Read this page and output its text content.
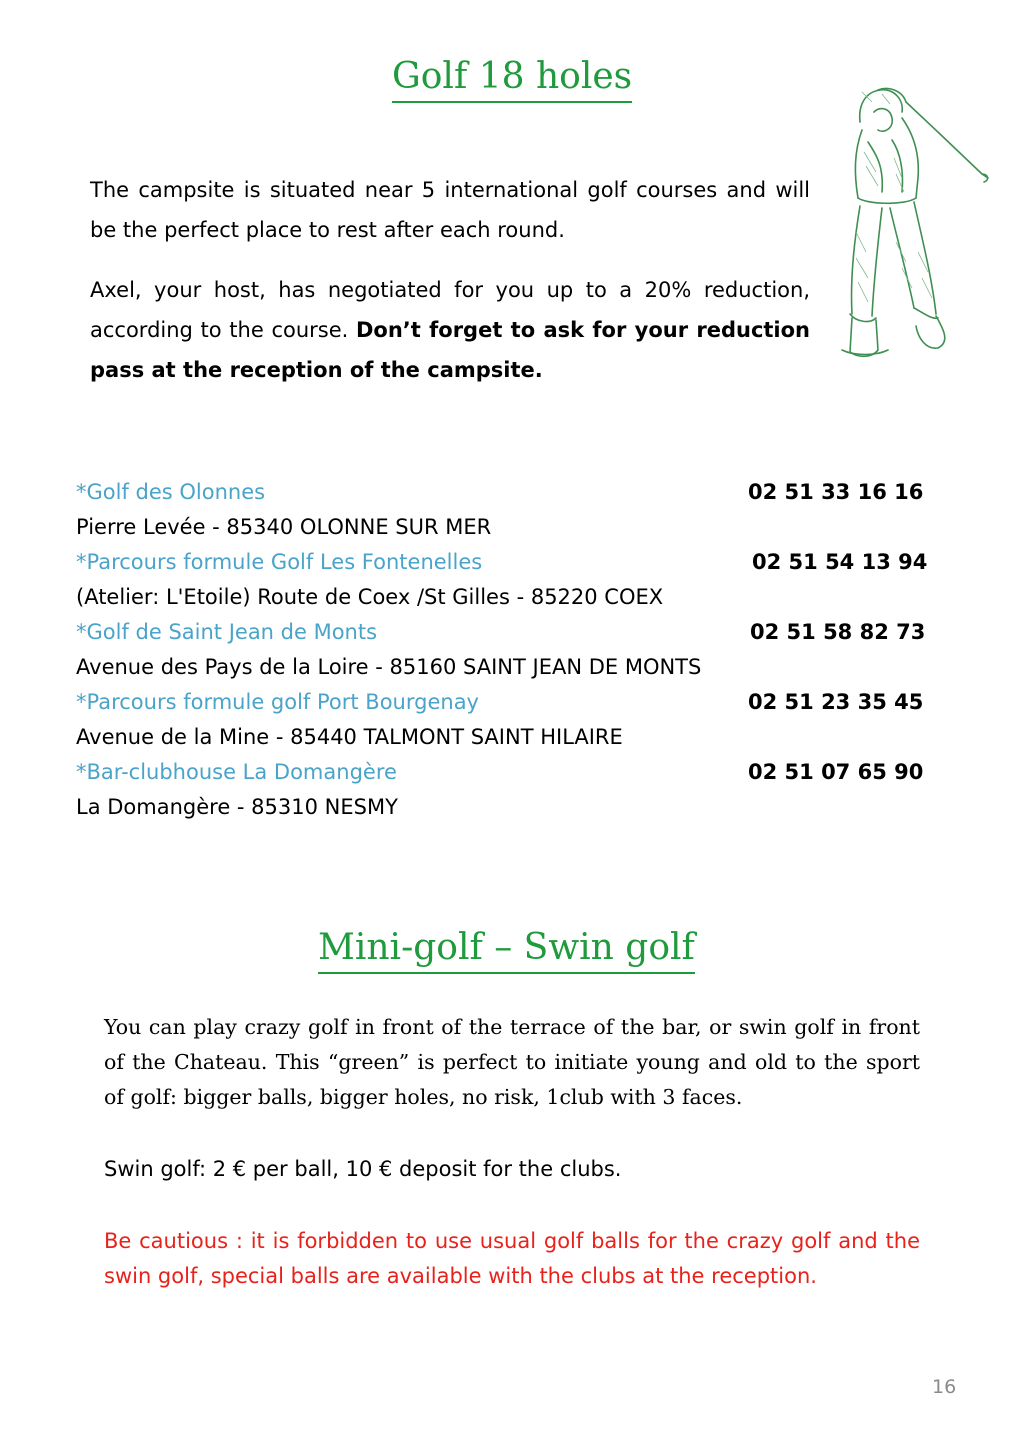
Golf 18 holes

The campsite is situated near 5 international golf courses and will be the perfect place to rest after each round.

Axel, your host, has negotiated for you up to a 20% reduction, according to the course. Don’t forget to ask for your reduction pass at the reception of the campsite.

*Golf des Olonnes	02 51 33 16 16
Pierre Levée - 85340 OLONNE SUR MER
*Parcours formule Golf Les Fontenelles	02 51 54 13 94
(Atelier: L'Etoile) Route de Coex /St Gilles - 85220 COEX
*Golf de Saint Jean de Monts	02 51 58 82 73
Avenue des Pays de la Loire - 85160 SAINT JEAN DE MONTS
*Parcours formule golf Port Bourgenay	02 51 23 35 45
Avenue de la Mine - 85440 TALMONT SAINT HILAIRE
*Bar-clubhouse La Domangère	02 51 07 65 90
La Domangère - 85310 NESMY
Mini-golf – Swin golf

You can play crazy golf in front of the terrace of the bar, or swin golf in front of the Chateau. This “green” is perfect to initiate young and old to the sport of golf: bigger balls, bigger holes, no risk, 1club with 3 faces.

Swin golf: 2 € per ball, 10 € deposit for the clubs.

Be cautious : it is forbidden to use usual golf balls for the crazy golf and the swin golf, special balls are available with the clubs at the reception.

16
